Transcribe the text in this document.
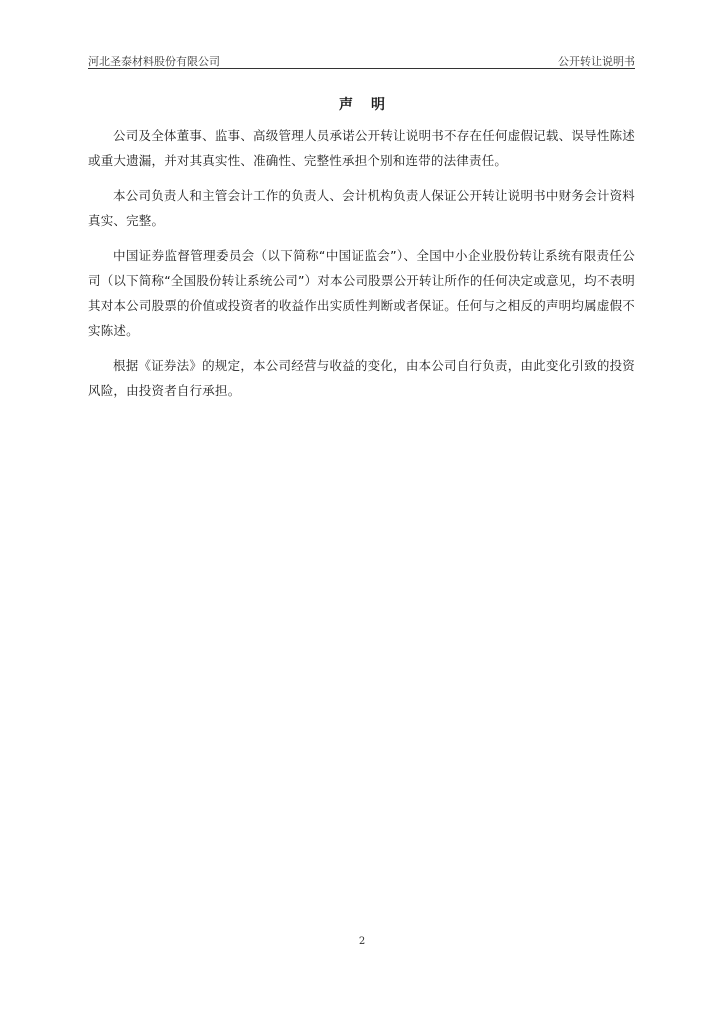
河北圣泰材料股份有限公司	公开转让说明书
声明

公司及全体董事、监事、高级管理人员承诺公开转让说明书不存在任何虚假记载、误导性陈述或重大遗漏，并对其真实性、准确性、完整性承担个别和连带的法律责任。

本公司负责人和主管会计工作的负责人、会计机构负责人保证公开转让说明书中财务会计资料真实、完整。

中国证券监督管理委员会（以下简称“中国证监会”）、全国中小企业股份转让系统有限责任公司（以下简称“全国股份转让系统公司”）对本公司股票公开转让所作的任何决定或意见，均不表明其对本公司股票的价值或投资者的收益作出实质性判断或者保证。任何与之相反的声明均属虚假不实陈述。

根据《证券法》的规定，本公司经营与收益的变化，由本公司自行负责，由此变化引致的投资风险，由投资者自行承担。

2
